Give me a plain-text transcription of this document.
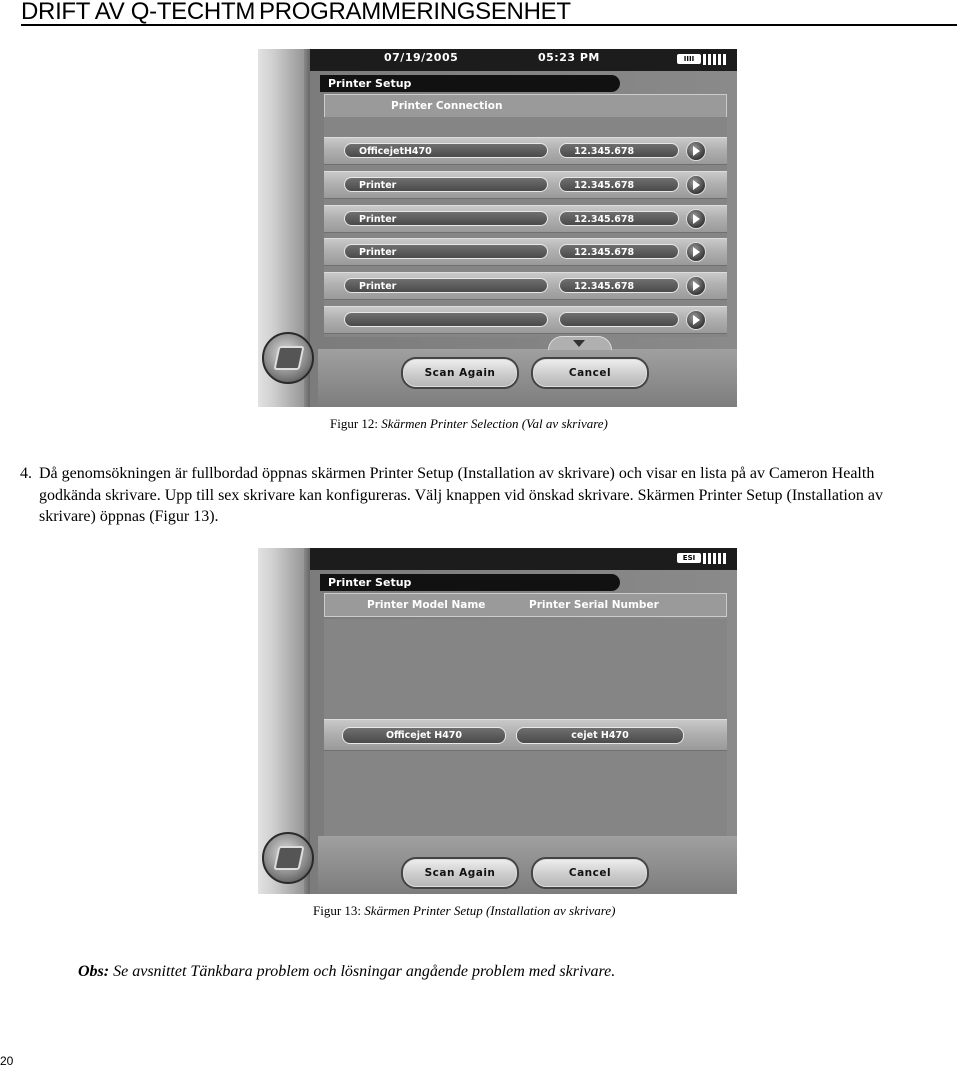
DRIFT AV Q-TECHTM PROGRAMMERINGSENHET
07/19/2005	05:23 PM	IIII
Printer Setup
Printer Connection
OfficejetH470	12.345.678
Printer	12.345.678
Printer	12.345.678
Printer	12.345.678
Printer	12.345.678
Scan Again	Cancel
Figur 12: Skärmen Printer Selection (Val av skrivare)
4. Då genomsökningen är fullbordad öppnas skärmen Printer Setup (Installation av skrivare) och visar en lista på av Cameron Health godkända skrivare. Upp till sex skrivare kan konfigureras. Välj knappen vid önskad skrivare. Skärmen Printer Setup (Installation av skrivare) öppnas (Figur 13).
ESI
Printer Setup
Printer Model Name	Printer Serial Number
Officejet H470	cejet H470
Scan Again	Cancel
Figur 13: Skärmen Printer Setup (Installation av skrivare)
Obs: Se avsnittet Tänkbara problem och lösningar angående problem med skrivare.
20
